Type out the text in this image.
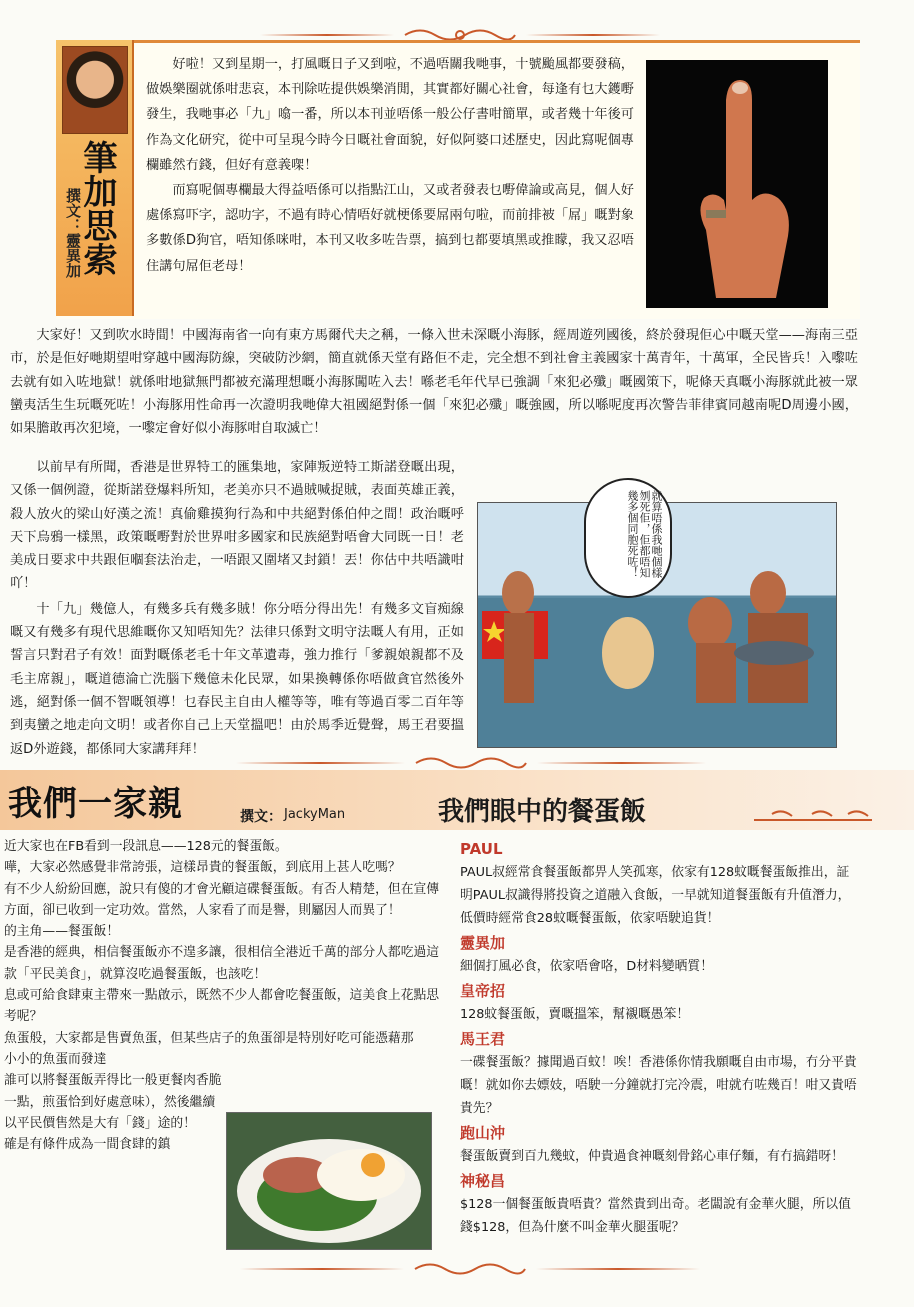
筆加思索
撰文：靈異加

好啦！又到星期一，打風嘅日子又到啦，不過唔關我哋事，十號颱風都要發稿，做娛樂圈就係咁悲哀，本刊除咗提供娛樂消閒，其實都好關心社會，每逢有乜大鑊嘢發生，我哋事必「九」噏一番，所以本刊並唔係一般公仔書咁簡單，或者幾十年後可作為文化研究，從中可呈現今時今日嘅社會面貌，好似阿婆口述歷史，因此寫呢個專欄雖然冇錢，但好有意義㗎！

而寫呢個專欄最大得益唔係可以指點江山，又或者發表乜嘢偉論或高見，個人好處係寫吓字，認叻字，不過有時心情唔好就梗係要屌兩句啦，而前排被「屌」嘅對象多數係D狗官，唔知係咪咁，本刊又收多咗告票，搞到乜都要填黑或推矇，我又忍唔住講句屌佢老母！

大家好！又到吹水時間！中國海南省一向有東方馬爾代夫之稱，一條入世未深嘅小海豚，經周遊列國後，終於發現佢心中嘅天堂——海南三亞市，於是佢好哋期望咁穿越中國海防線，突破防沙網，簡直就係天堂有路佢不走，完全想不到社會主義國家十萬青年，十萬軍，全民皆兵！入嚟咗去就有如入咗地獄！就係咁地獄無門都被充滿理想嘅小海豚闖咗入去！喺老毛年代早已強調「來犯必殲」嘅國策下，呢條天真嘅小海豚就此被一眾蠻夷活生生玩嘅死咗！小海豚用性命再一次證明我哋偉大祖國絕對係一個「來犯必殲」嘅強國，所以喺呢度再次警告菲律賓同越南呢D周邊小國，如果膽敢再次犯境，一嚟定會好似小海豚咁自取滅亡！

以前早有所聞，香港是世界特工的匯集地，家陣叛逆特工斯諾登嘅出現，又係一個例證，從斯諾登爆料所知，老美亦只不過賊喊捉賊，表面英雄正義，殺人放火的梁山好漢之流！真偷雞摸狗行為和中共絕對係伯仲之間！政治嘅呼天下烏鴉一樣黑，政策嘅嘢對於世界咁多國家和民族絕對唔會大同既一日！老美成日要求中共跟佢嗰套法治走，一唔跟又圍堵又封鎖！丟！你估中共唔識咁吖！

十「九」幾億人，有幾多兵有幾多賊！你分唔分得出先！有幾多文盲痴線嘅又有幾多有現代思維嘅你又知唔知先？法律只係對文明守法嘅人有用，正如誓言只對君子有效！面對嘅係老毛十年文革遺毒，強力推行「爹親娘親都不及毛主席親」，嘅道德淪亡洗腦下幾億未化民眾，如果換轉係你唔做貪官然後外逃，絕對係一個不智嘅領導！乜春民主自由人權等等，唯有等過百零二百年等到夷蠻之地走向文明！或者你自己上天堂搵吧！由於馬季近覺聲，馬王君要搵返D外遊錢，都係同大家講拜拜！

就算唔係我哋個樣刎死佢，佢都唔知幾多個同胞死咗！
我們一家親	撰文： JackyMan	我們眼中的餐蛋飯

近大家也在FB看到一段訊息——128元的餐蛋飯。

嘩，大家必然感覺非常誇張，這樣昂貴的餐蛋飯，到底用上甚人吃嗎？

有不少人紛紛回應，說只有傻的才會光顧這碟餐蛋飯。有否人精楚，但在宣傳方面，卻已收到一定功效。當然，人家看了而是譽，則屬因人而異了！

的主角——餐蛋飯！

是香港的經典，相信餐蛋飯亦不遑多讓，很相信全港近千萬的部分人都吃過這款「平民美食」，就算沒吃過餐蛋飯，也該吃！

息或可給食肆東主帶來一點啟示，既然不少人都會吃餐蛋飯，這美食上花點思考呢？

魚蛋般，大家都是售賣魚蛋，但某些店子的魚蛋卻是特別好吃可能憑藉那小小的魚蛋而發達

誰可以將餐蛋飯弄得比一般更餐肉香脆一點，煎蛋恰到好處意味），然後繼續以平民價售然是大有「錢」途的！

確是有條件成為一間食肆的鎮

PAUL

PAUL叔經常食餐蛋飯都畀人笑孤寒，依家有128蚊嘅餐蛋飯推出，証明PAUL叔識得將投資之道融入食飯，一早就知道餐蛋飯有升值潛力，低價時經常食28蚊嘅餐蛋飯，依家唔駛追貨！

靈異加

細個打風必食，依家唔會咯，D材料變晒質！

皇帝招

128蚊餐蛋飯，賣嘅搵笨，幫襯嘅愚笨！

馬王君

一碟餐蛋飯？據聞過百蚊！唉！香港係你情我願嘅自由市場，冇分平貴嘅！就如你去嫖妓，唔駛一分鐘就打完冷震，咁就冇咗幾百！咁又貴唔貴先？

跑山沖

餐蛋飯賣到百九幾蚊，仲貴過食神嘅刻骨銘心車仔麵，有冇搞錯呀！

神秘昌

$128一個餐蛋飯貴唔貴？當然貴到出奇。老闆說有金華火腿，所以值錢$128，但為什麼不叫金華火腿蛋呢？
